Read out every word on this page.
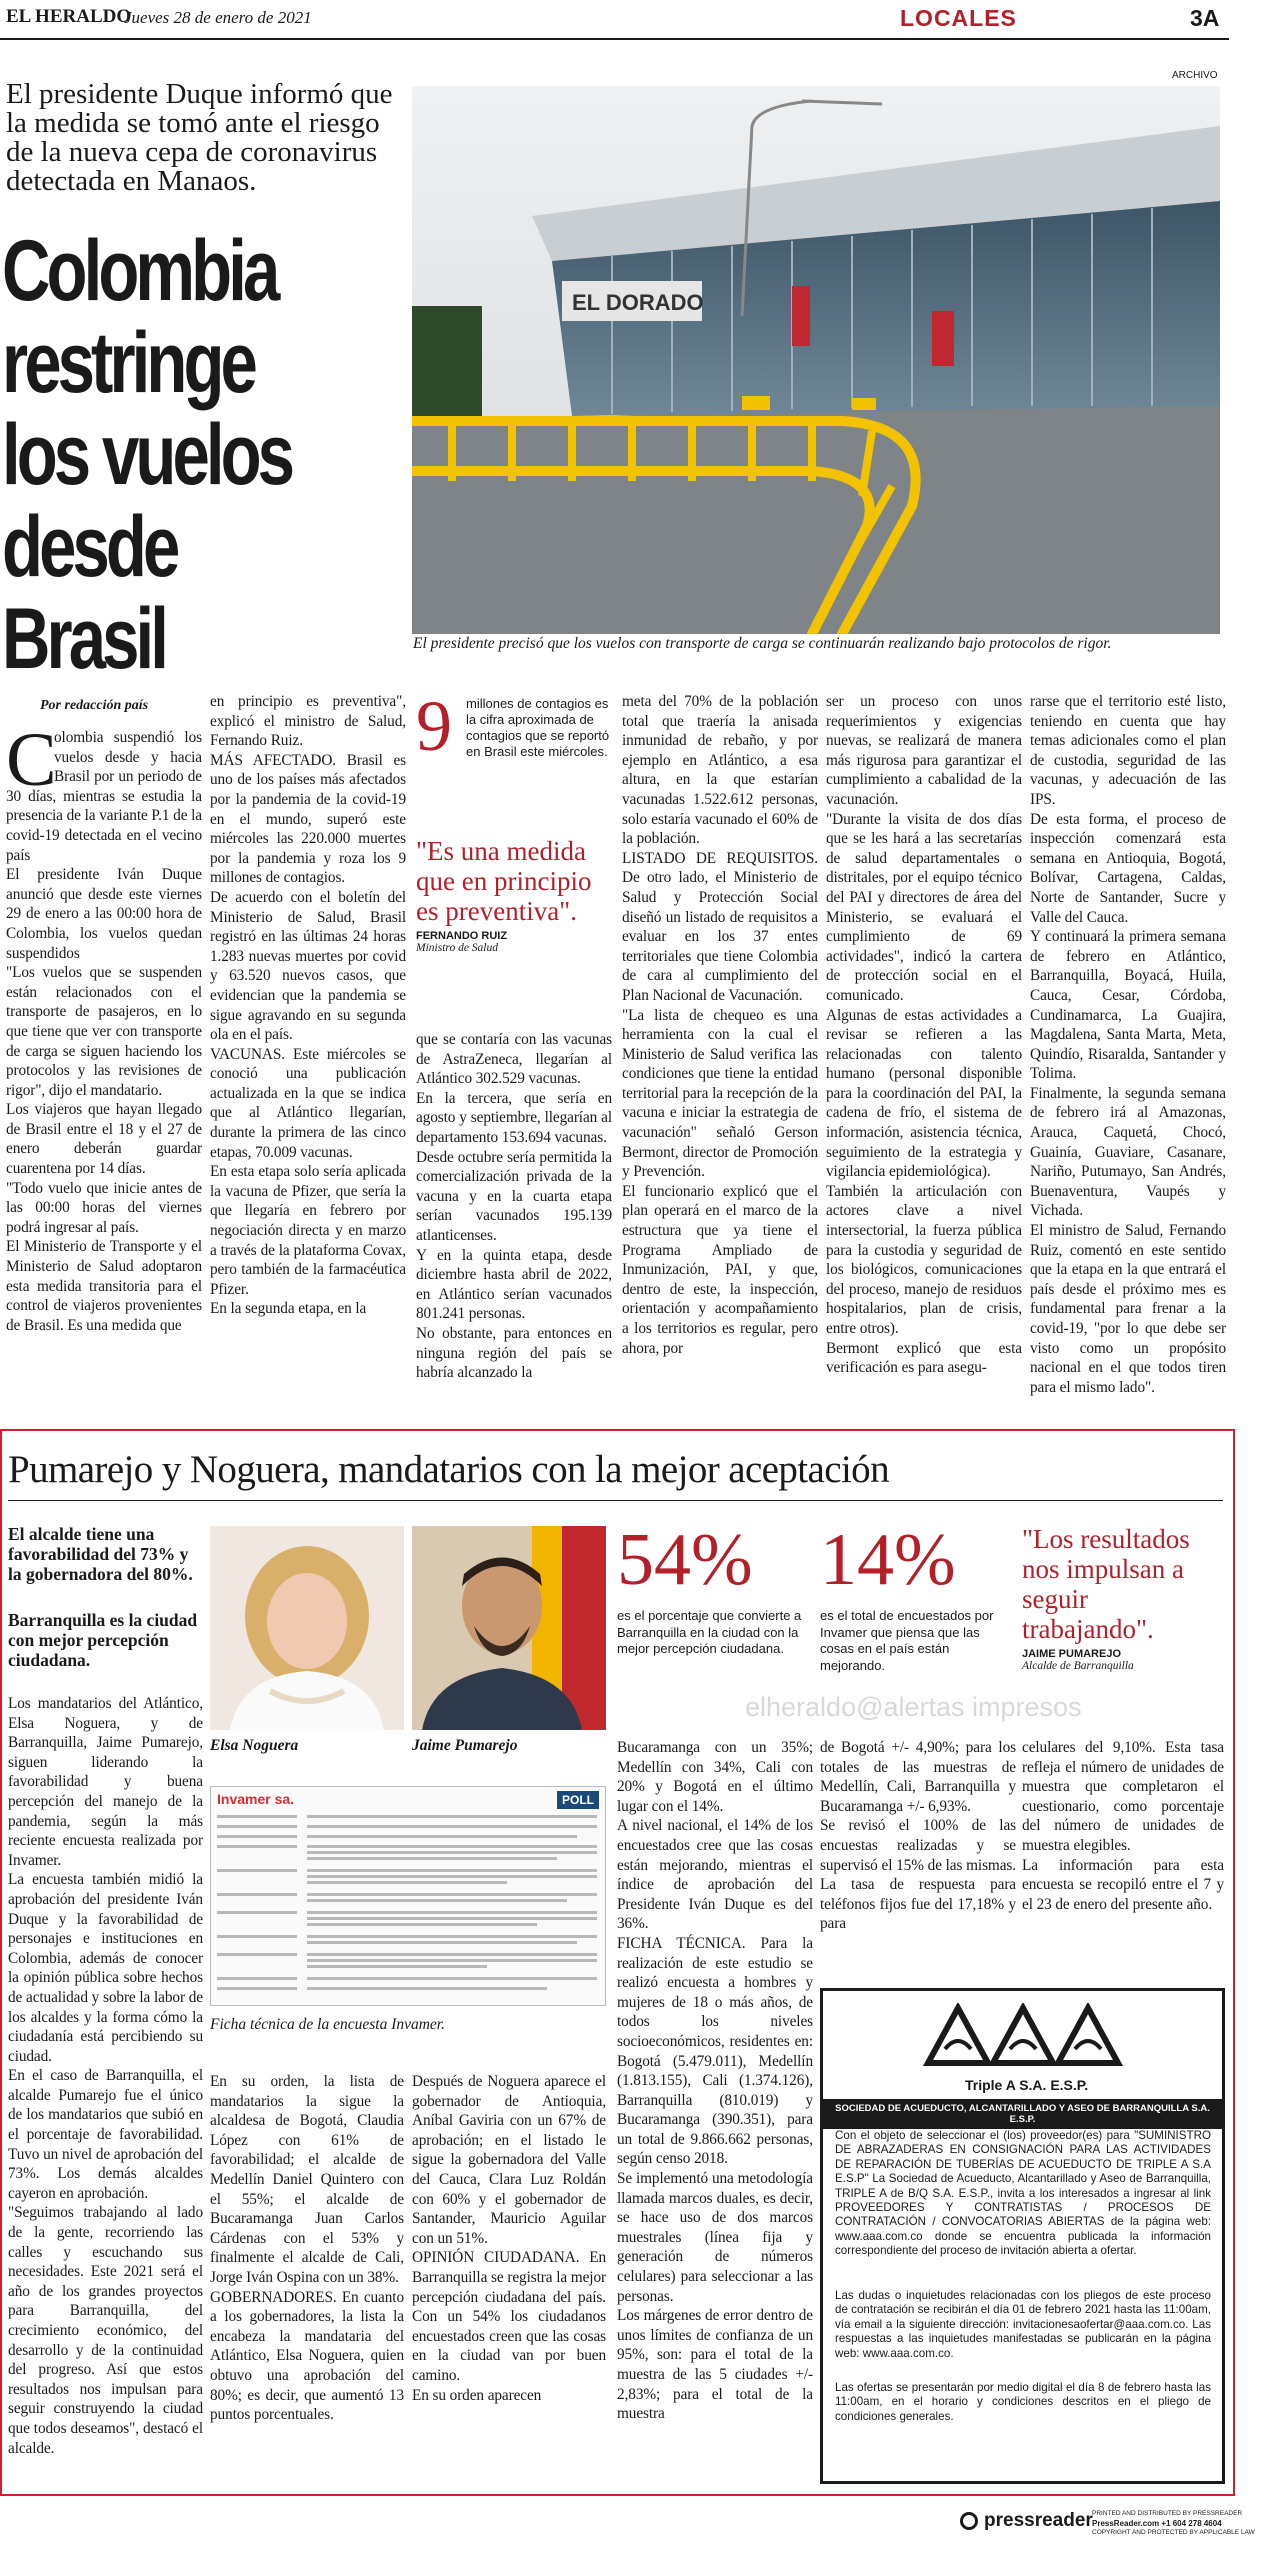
EL HERALDO
Jueves 28 de enero de 2021	LOCALES	3A
ARCHIVO
El presidente Duque informó que la medida se tomó ante el riesgo de la nueva cepa de coronavirus detectada en Manaos.
Colombia restringe los vuelos desde Brasil
EL DORADO
El presidente precisó que los vuelos con transporte de carga se continuarán realizando bajo protocolos de rigor.
Por redacción país
C
olombia suspendió los vuelos desde y hacia Brasil por un periodo de 30 días, mientras se estudia la presencia de la variante P.1 de la covid-19 detectada en el vecino país
El presidente Iván Duque anunció que desde este viernes 29 de enero a las 00:00 hora de Colombia, los vuelos quedan suspendidos
"Los vuelos que se suspenden están relacionados con el transporte de pasajeros, en lo que tiene que ver con transporte de carga se siguen haciendo los protocolos y las revisiones de rigor", dijo el mandatario.
Los viajeros que hayan llegado de Brasil entre el 18 y el 27 de enero deberán guardar cuarentena por 14 días.
"Todo vuelo que inicie antes de las 00:00 horas del viernes podrá ingresar al país.
El Ministerio de Transporte y el Ministerio de Salud adoptaron esta medida transitoria para el control de viajeros provenientes de Brasil. Es una medida que
en principio es preventiva", explicó el ministro de Salud, Fernando Ruiz.
MÁS AFECTADO. Brasil es uno de los países más afectados por la pandemia de la covid-19 en el mundo, superó este miércoles las 220.000 muertes por la pandemia y roza los 9 millones de contagios.
De acuerdo con el boletín del Ministerio de Salud, Brasil registró en las últimas 24 horas 1.283 nuevas muertes por covid y 63.520 nuevos casos, que evidencian que la pandemia se sigue agravando en su segunda ola en el país.
VACUNAS. Este miércoles se conoció una publicación actualizada en la que se indica que al Atlántico llegarían, durante la primera de las cinco etapas, 70.009 vacunas.
En esta etapa solo sería aplicada la vacuna de Pfizer, que sería la que llegaría en febrero por negociación directa y en marzo a través de la plataforma Covax, pero también de la farmacéutica Pfizer.
En la segunda etapa, en la
9 millones de contagios es la cifra aproximada de contagios que se reportó en Brasil este miércoles.
"Es una medida que en principio es preventiva".
FERNANDO RUIZ
Ministro de Salud
que se contaría con las vacunas de AstraZeneca, llegarían al Atlántico 302.529 vacunas.
En la tercera, que sería en agosto y septiembre, llegarían al departamento 153.694 vacunas.
Desde octubre sería permitida la comercialización privada de la vacuna y en la cuarta etapa serían vacunados 195.139 atlanticenses.
Y en la quinta etapa, desde diciembre hasta abril de 2022, en Atlántico serían vacunados 801.241 personas.
No obstante, para entonces en ninguna región del país se habría alcanzado la
meta del 70% de la población total que traería la anisada inmunidad de rebaño, y por ejemplo en Atlántico, a esa altura, en la que estarían vacunadas 1.522.612 personas, solo estaría vacunado el 60% de la población.
LISTADO DE REQUISITOS. De otro lado, el Ministerio de Salud y Protección Social diseñó un listado de requisitos a evaluar en los 37 entes territoriales que tiene Colombia de cara al cumplimiento del Plan Nacional de Vacunación.
"La lista de chequeo es una herramienta con la cual el Ministerio de Salud verifica las condiciones que tiene la entidad territorial para la recepción de la vacuna e iniciar la estrategia de vacunación" señaló Gerson Bermont, director de Promoción y Prevención.
El funcionario explicó que el plan operará en el marco de la estructura que ya tiene el Programa Ampliado de Inmunización, PAI, y que, dentro de este, la inspección, orientación y acompañamiento a los territorios es regular, pero ahora, por
ser un proceso con unos requerimientos y exigencias nuevas, se realizará de manera más rigurosa para garantizar el cumplimiento a cabalidad de la vacunación.
"Durante la visita de dos días que se les hará a las secretarías de salud departamentales o distritales, por el equipo técnico del PAI y directores de área del Ministerio, se evaluará el cumplimiento de 69 actividades", indicó la cartera de protección social en el comunicado.
Algunas de estas actividades a revisar se refieren a las relacionadas con talento humano (personal disponible para la coordinación del PAI, la cadena de frío, el sistema de información, asistencia técnica, seguimiento de la estrategia y vigilancia epidemiológica).
También la articulación con actores clave a nivel intersectorial, la fuerza pública para la custodia y seguridad de los biológicos, comunicaciones del proceso, manejo de residuos hospitalarios, plan de crisis, entre otros).
Bermont explicó que esta verificación es para asegu-
rarse que el territorio esté listo, teniendo en cuenta que hay temas adicionales como el plan de custodia, seguridad de las vacunas, y adecuación de las IPS.
De esta forma, el proceso de inspección comenzará esta semana en Antioquia, Bogotá, Bolívar, Cartagena, Caldas, Norte de Santander, Sucre y Valle del Cauca.
Y continuará la primera semana de febrero en Atlántico, Barranquilla, Boyacá, Huila, Cauca, Cesar, Córdoba, Cundinamarca, La Guajira, Magdalena, Santa Marta, Meta, Quindío, Risaralda, Santander y Tolima.
Finalmente, la segunda semana de febrero irá al Amazonas, Arauca, Caquetá, Chocó, Guainía, Guaviare, Casanare, Nariño, Putumayo, San Andrés, Buenaventura, Vaupés y Vichada.
El ministro de Salud, Fernando Ruiz, comentó en este sentido que la etapa en la que entrará el país desde el próximo mes es fundamental para frenar a la covid-19, "por lo que debe ser visto como un propósito nacional en el que todos tiren para el mismo lado".
Pumarejo y Noguera, mandatarios con la mejor aceptación
El alcalde tiene una favorabilidad del 73% y la gobernadora del 80%.
Barranquilla es la ciudad con mejor percepción ciudadana.
Los mandatarios del Atlántico, Elsa Noguera, y de Barranquilla, Jaime Pumarejo, siguen liderando la favorabilidad y buena percepción del manejo de la pandemia, según la más reciente encuesta realizada por Invamer.
La encuesta también midió la aprobación del presidente Iván Duque y la favorabilidad de personajes e instituciones en Colombia, además de conocer la opinión pública sobre hechos de actualidad y sobre la labor de los alcaldes y la forma cómo la ciudadanía está percibiendo su ciudad.
En el caso de Barranquilla, el alcalde Pumarejo fue el único de los mandatarios que subió en el porcentaje de favorabilidad. Tuvo un nivel de aprobación del 73%. Los demás alcaldes cayeron en aprobación.
"Seguimos trabajando al lado de la gente, recorriendo las calles y escuchando sus necesidades. Este 2021 será el año de los grandes proyectos para Barranquilla, del crecimiento económico, del desarrollo y de la continuidad del progreso. Así que estos resultados nos impulsan para seguir construyendo la ciudad que todos deseamos", destacó el alcalde.
Elsa Noguera	Jaime Pumarejo
Invamer sa.	POLL
Ficha técnica de la encuesta Invamer.
54%
es el porcentaje que convierte a Barranquilla en la ciudad con la mejor percepción ciudadana.
14%
es el total de encuestados por Invamer que piensa que las cosas en el país están mejorando.
"Los resultados nos impulsan a seguir trabajando".
JAIME PUMAREJO
Alcalde de Barranquilla
elheraldo@alertas impresos
En su orden, la lista de mandatarios la sigue la alcaldesa de Bogotá, Claudia López con 61% de favorabilidad; el alcalde de Medellín Daniel Quintero con el 55%; el alcalde de Bucaramanga Juan Carlos Cárdenas con el 53% y finalmente el alcalde de Cali, Jorge Iván Ospina con un 38%.
GOBERNADORES. En cuanto a los gobernadores, la lista la encabeza la mandataria del Atlántico, Elsa Noguera, quien obtuvo una aprobación del 80%; es decir, que aumentó 13 puntos porcentuales.
Después de Noguera aparece el gobernador de Antioquia, Aníbal Gaviria con un 67% de aprobación; en el listado le sigue la gobernadora del Valle del Cauca, Clara Luz Roldán con 60% y el gobernador de Santander, Mauricio Aguilar con un 51%.
OPINIÓN CIUDADANA. En Barranquilla se registra la mejor percepción ciudadana del país. Con un 54% los ciudadanos encuestados creen que las cosas en la ciudad van por buen camino.
En su orden aparecen
Bucaramanga con un 35%; Medellín con 34%, Cali con 20% y Bogotá en el último lugar con el 14%.
A nivel nacional, el 14% de los encuestados cree que las cosas están mejorando, mientras el índice de aprobación del Presidente Iván Duque es del 36%.
FICHA TÉCNICA. Para la realización de este estudio se realizó encuesta a hombres y mujeres de 18 o más años, de todos los niveles socioeconómicos, residentes en: Bogotá (5.479.011), Medellín (1.813.155), Cali (1.374.126), Barranquilla (810.019) y Bucaramanga (390.351), para un total de 9.866.662 personas, según censo 2018.
Se implementó una metodología llamada marcos duales, es decir, se hace uso de dos marcos muestrales (línea fija y generación de números celulares) para seleccionar a las personas.
Los márgenes de error dentro de unos límites de confianza de un 95%, son: para el total de la muestra de las 5 ciudades +/- 2,83%; para el total de la muestra
de Bogotá +/- 4,90%; para los totales de las muestras de Medellín, Cali, Barranquilla y Bucaramanga +/- 6,93%.
Se revisó el 100% de las encuestas realizadas y se supervisó el 15% de las mismas. La tasa de respuesta para teléfonos fijos fue del 17,18% y para
celulares del 9,10%. Esta tasa refleja el número de unidades de muestra que completaron el cuestionario, como porcentaje del número de unidades de muestra elegibles.
La información para esta encuesta se recopiló entre el 7 y el 23 de enero del presente año.
Triple A S.A. E.S.P.
SOCIEDAD DE ACUEDUCTO, ALCANTARILLADO Y ASEO DE BARRANQUILLA S.A. E.S.P.
Con el objeto de seleccionar el (los) proveedor(es) para "SUMINISTRO DE ABRAZADERAS EN CONSIGNACIÓN PARA LAS ACTIVIDADES DE REPARACIÓN DE TUBERÍAS DE ACUEDUCTO DE TRIPLE A S.A E.S.P" La Sociedad de Acueducto, Alcantarillado y Aseo de Barranquilla, TRIPLE A de B/Q S.A. E.S.P., invita a los interesados a ingresar al link PROVEEDORES Y CONTRATISTAS / PROCESOS DE CONTRATACIÓN / CONVOCATORIAS ABIERTAS de la página web: www.aaa.com.co donde se encuentra publicada la información correspondiente del proceso de invitación abierta a ofertar.
Las dudas o inquietudes relacionadas con los pliegos de este proceso de contratación se recibirán el día 01 de febrero 2021 hasta las 11:00am, vía email a la siguiente dirección: invitacionesaofertar@aaa.com.co. Las respuestas a las inquietudes manifestadas se publicarán en la página web: www.aaa.com.co.
Las ofertas se presentarán por medio digital el día 8 de febrero hasta las 11:00am, en el horario y condiciones descritos en el pliego de condiciones generales.
pressreader PRINTED AND DISTRIBUTED BY PRESSREADER
PressReader.com +1 604 278 4604
COPYRIGHT AND PROTECTED BY APPLICABLE LAW
